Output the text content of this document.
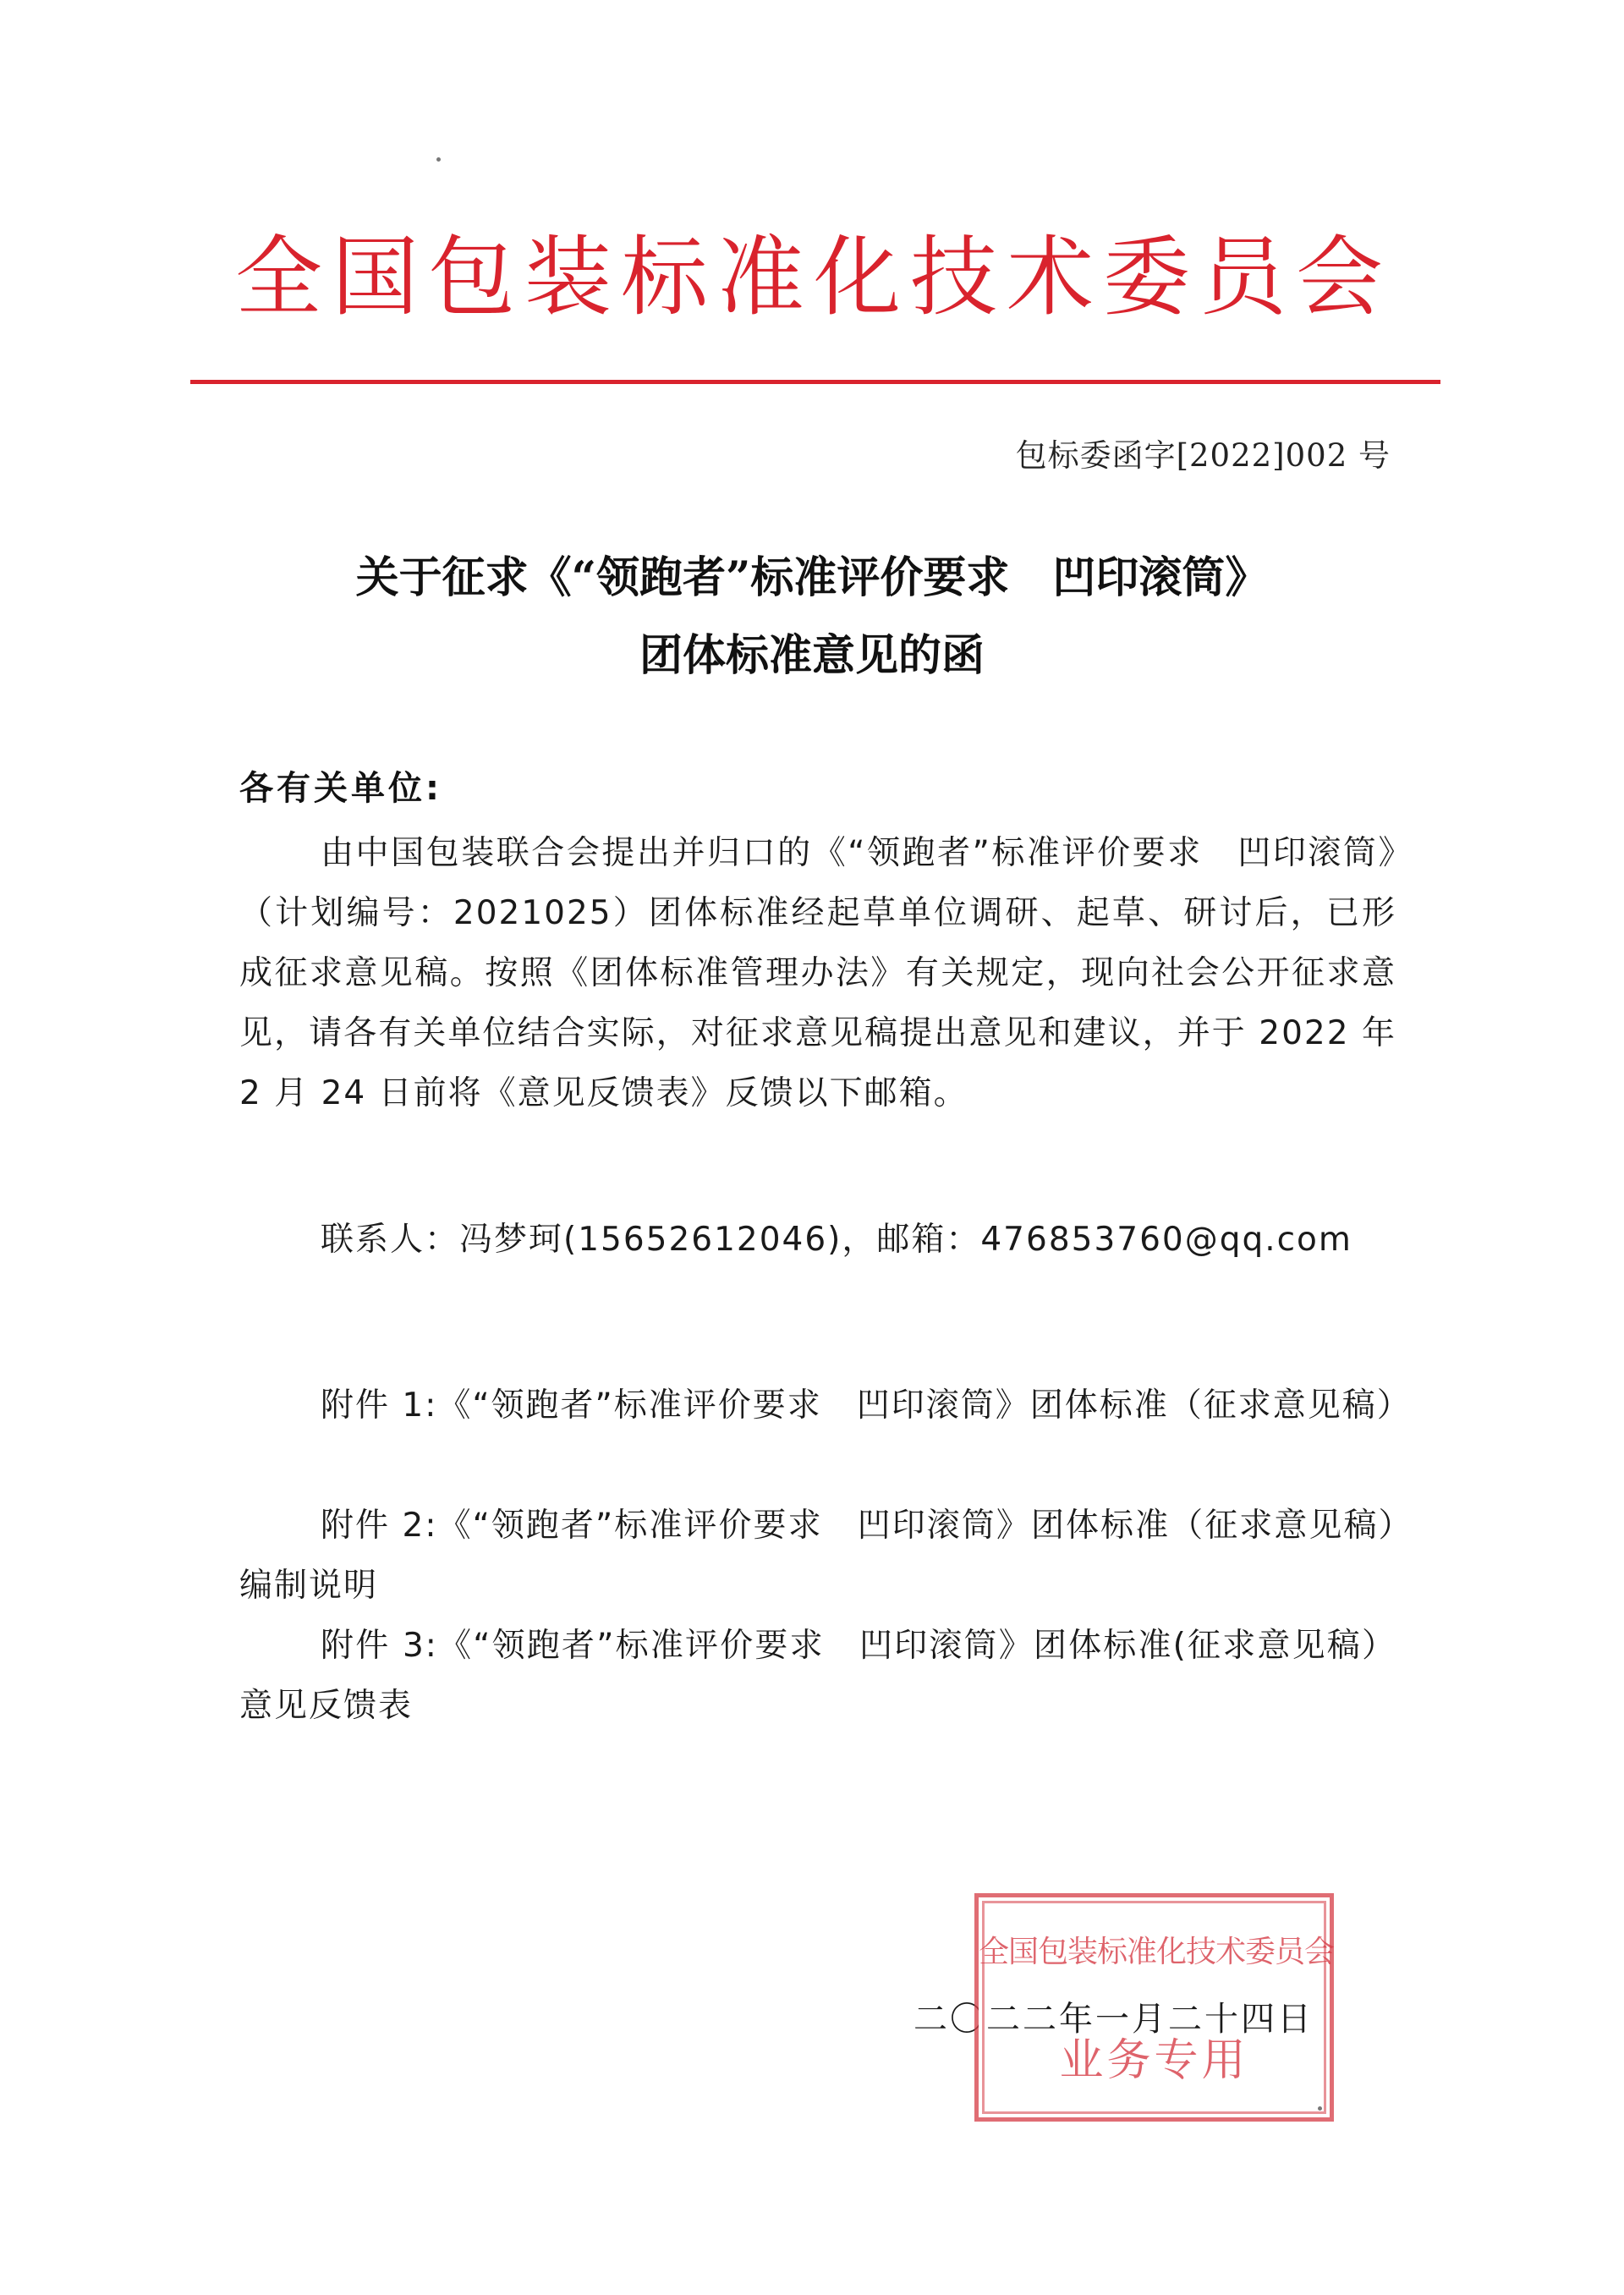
全国包装标准化技术委员会
包标委函字[2022]002 号
关于征求《“领跑者”标准评价要求　凹印滚筒》
团体标准意见的函
各有关单位:
由中国包装联合会提出并归口的《“领跑者”标准评价要求　凹印滚筒》（计划编号：2021025）团体标准经起草单位调研、起草、研讨后，已形成征求意见稿。按照《团体标准管理办法》有关规定，现向社会公开征求意见，请各有关单位结合实际，对征求意见稿提出意见和建议，并于 2022 年 2 月 24 日前将《意见反馈表》反馈以下邮箱。
联系人：冯梦珂(15652612046)，邮箱：476853760@qq.com
附件 1:《“领跑者”标准评价要求　凹印滚筒》团体标准（征求意见稿）
附件 2:《“领跑者”标准评价要求　凹印滚筒》团体标准（征求意见稿）编制说明
附件 3:《“领跑者”标准评价要求　凹印滚筒》团体标准(征求意见稿）意见反馈表
二〇二二年一月二十四日
全国包装标准化技术委员会
业务专用
